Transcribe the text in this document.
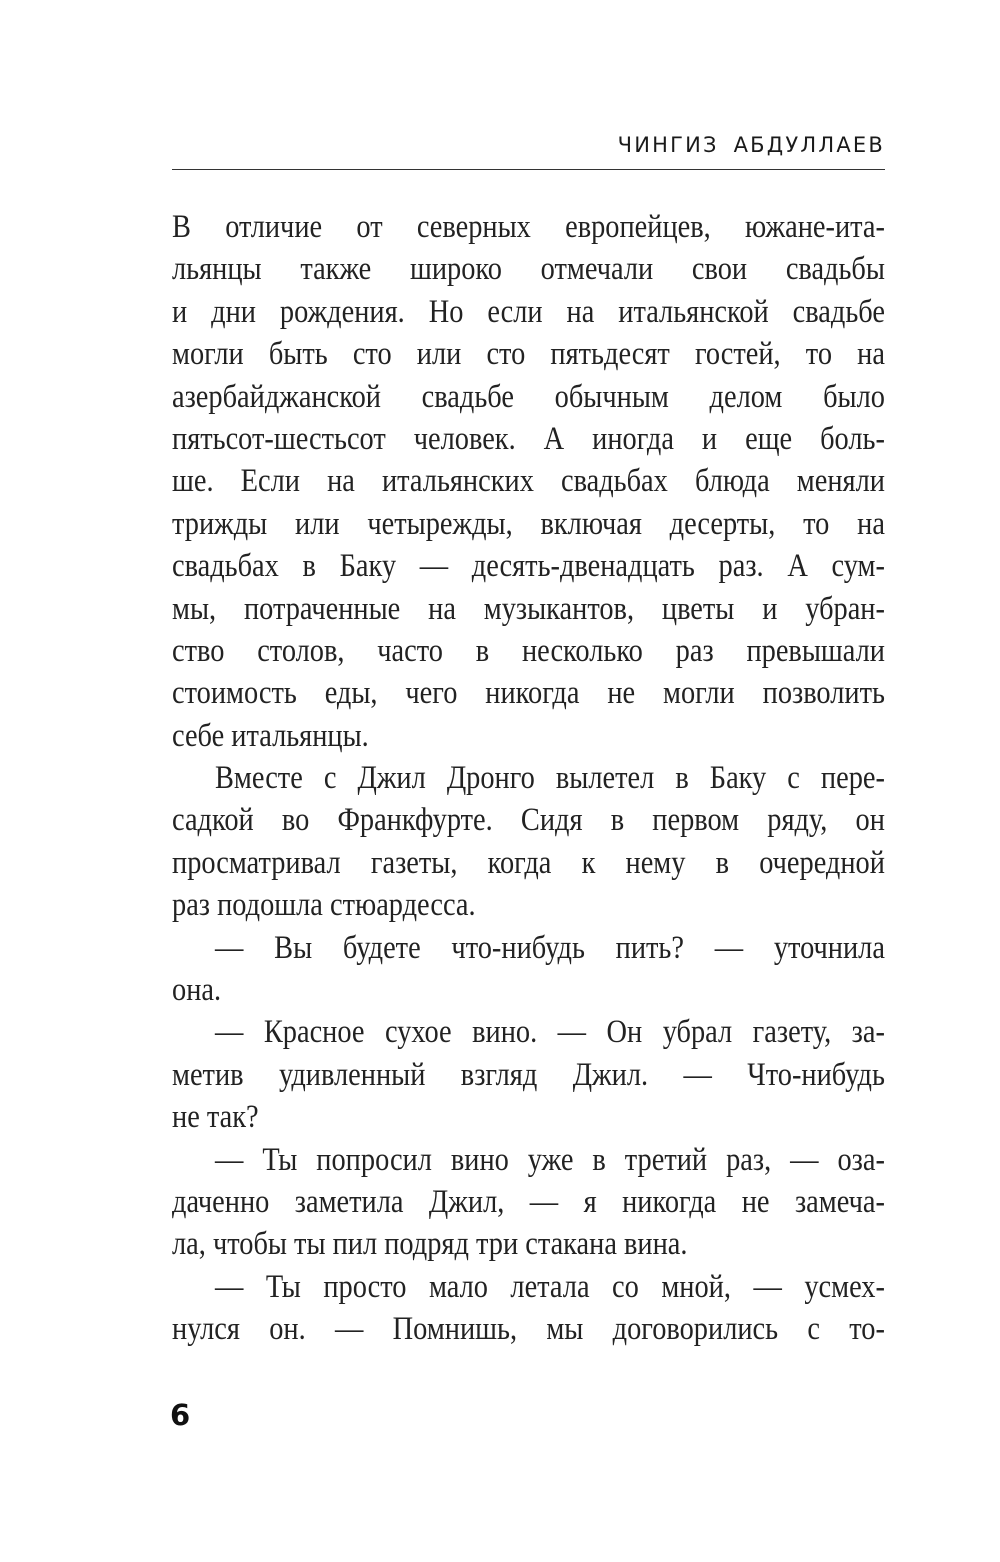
ЧИНГИЗ АБДУЛЛАЕВ
В отличие от северных европейцев, южане-ита-
льянцы также широко отмечали свои свадьбы
и дни рождения. Но если на итальянской свадьбе
могли быть сто или сто пятьдесят гостей, то на
азербайджанской свадьбе обычным делом было
пятьсот-шестьсот человек. А иногда и еще боль-
ше. Если на итальянских свадьбах блюда меняли
трижды или четырежды, включая десерты, то на
свадьбах в Баку — десять-двенадцать раз. А сум-
мы, потраченные на музыкантов, цветы и убран-
ство столов, часто в несколько раз превышали
стоимость еды, чего никогда не могли позволить
себе итальянцы.
Вместе с Джил Дронго вылетел в Баку с пере-
садкой во Франкфурте. Сидя в первом ряду, он
просматривал газеты, когда к нему в очередной
раз подошла стюардесса.
— Вы будете что-нибудь пить? — уточнила
она.
— Красное сухое вино. — Он убрал газету, за-
метив удивленный взгляд Джил. — Что-нибудь
не так?
— Ты попросил вино уже в третий раз, — оза-
даченно заметила Джил, — я никогда не замеча-
ла, чтобы ты пил подряд три стакана вина.
— Ты просто мало летала со мной, — усмех-
нулся он. — Помнишь, мы договорились с то-
6
